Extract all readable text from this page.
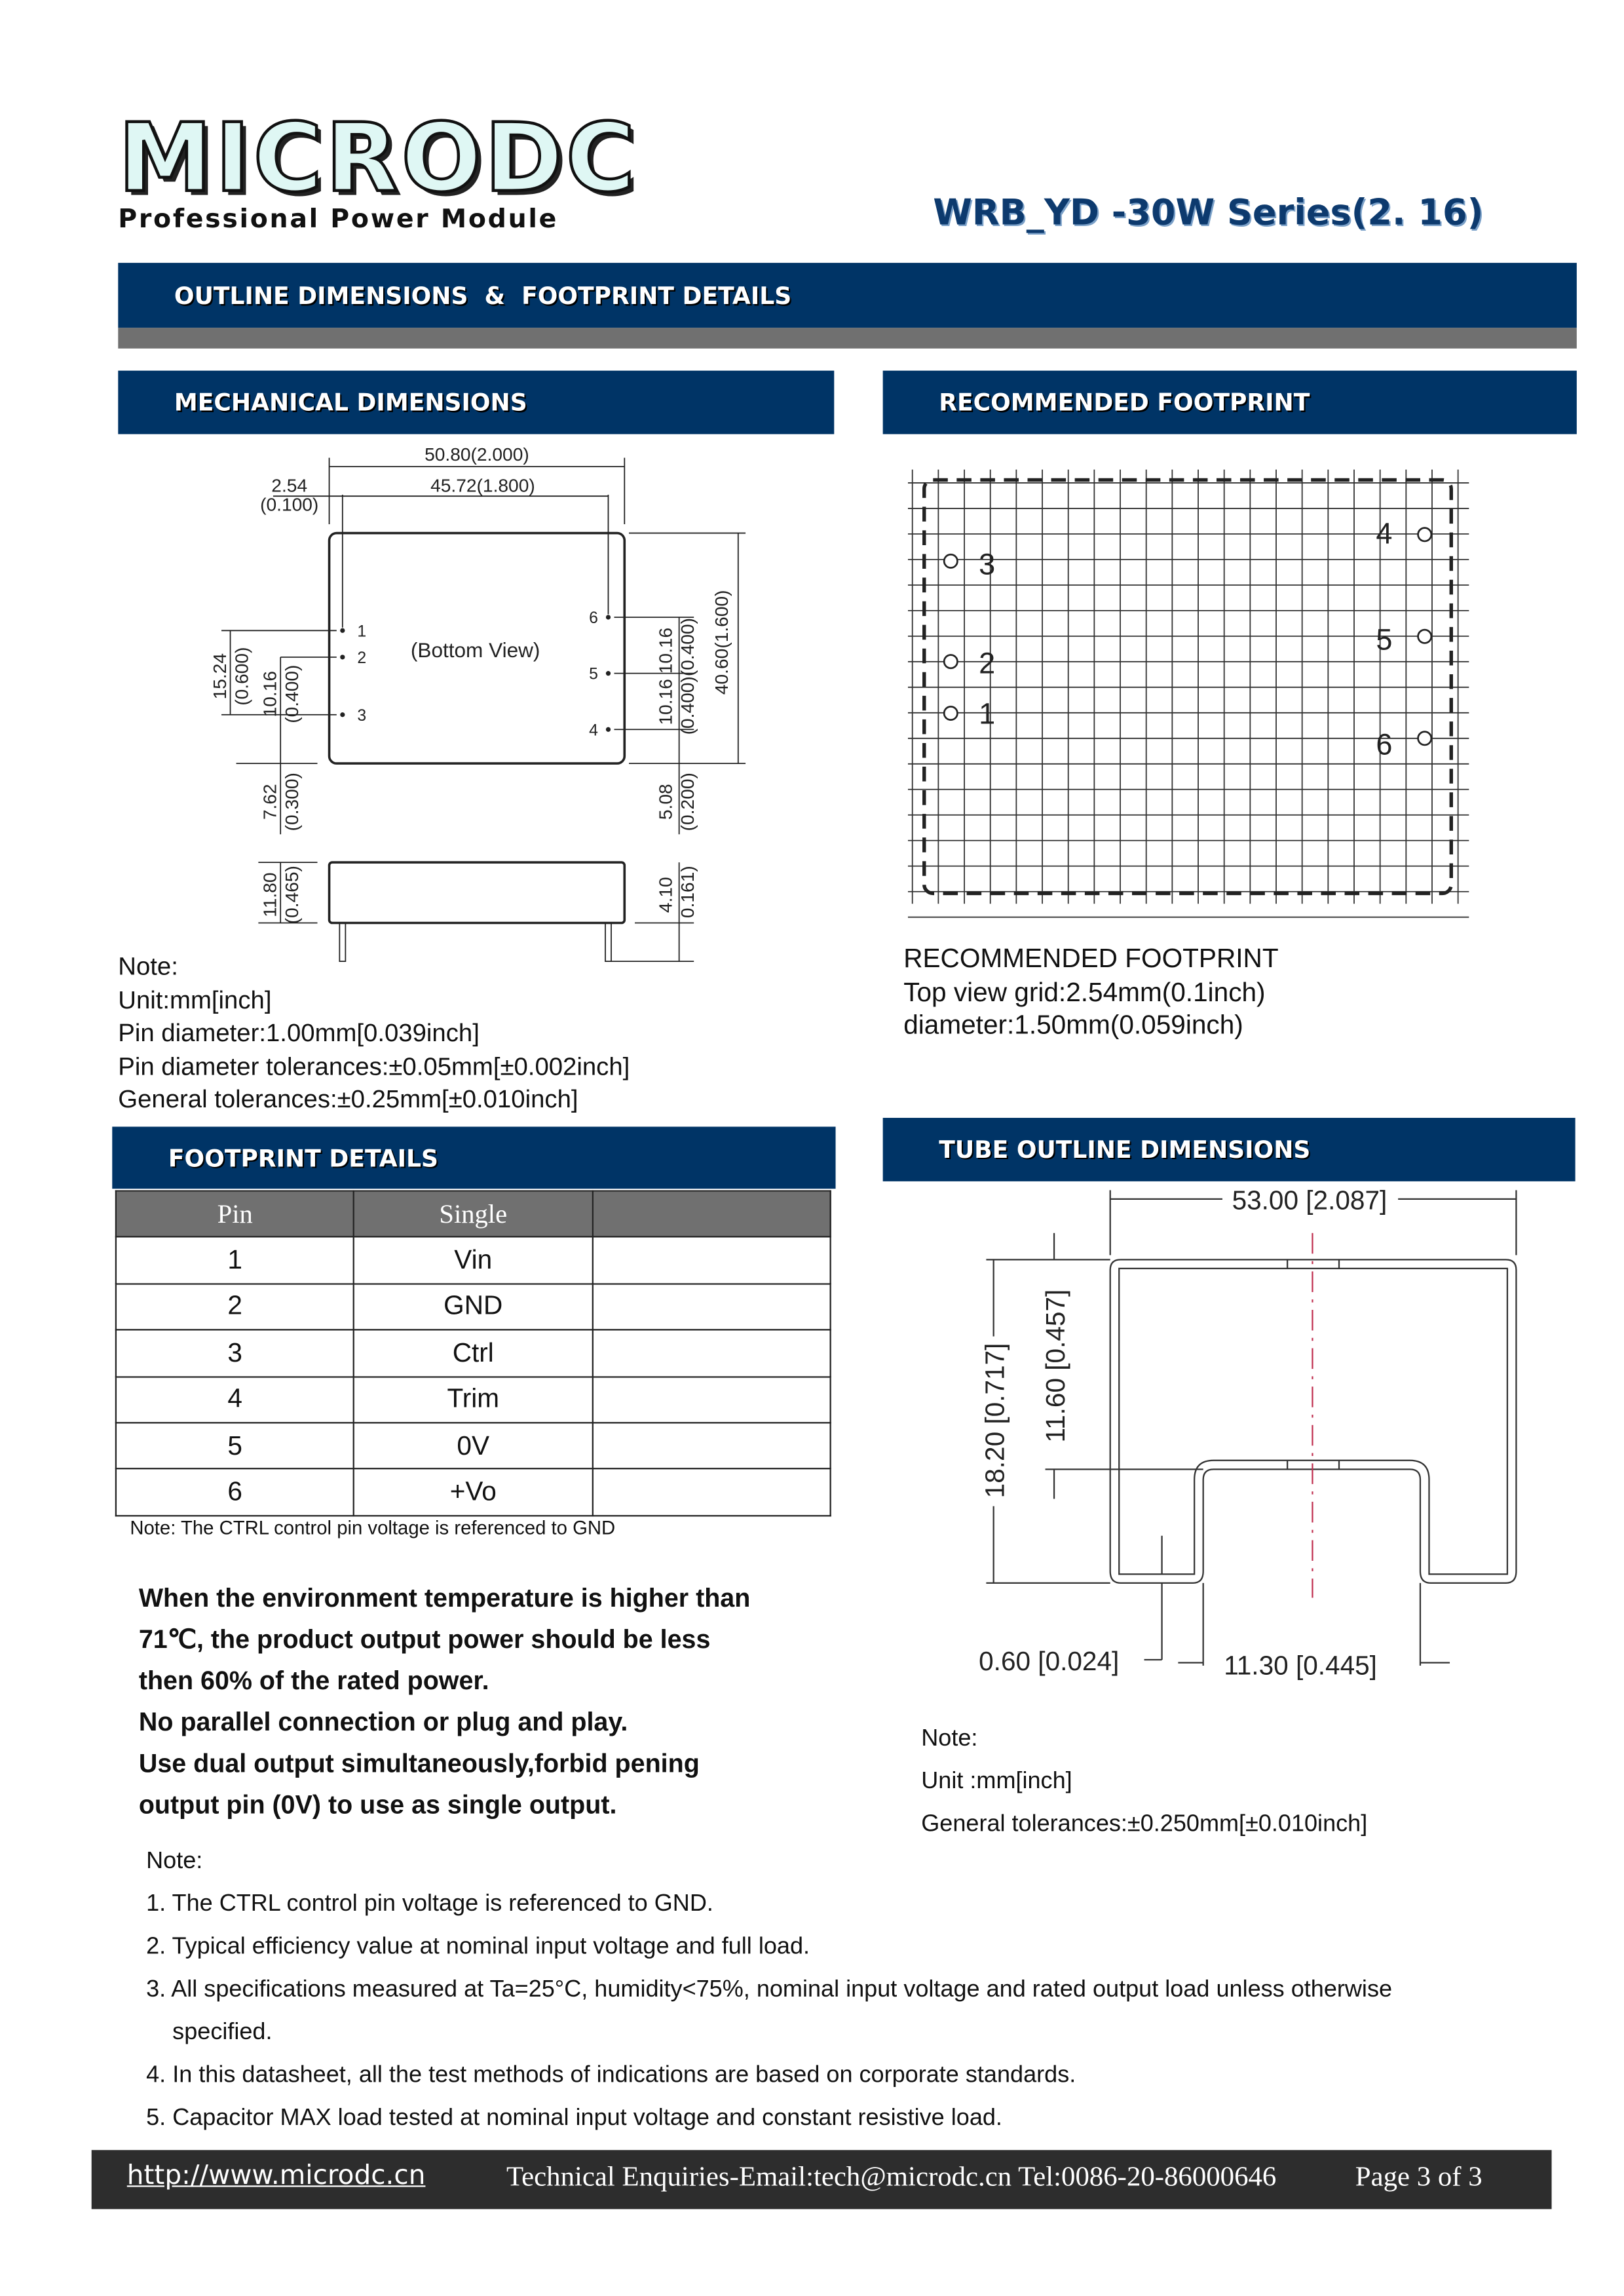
MICRODC
Professional Power Module	WRB_YD -30W Series(2. 16)
OUTLINE DIMENSIONS  &  FOOTPRINT DETAILS
MECHANICAL DIMENSIONS	RECOMMENDED FOOTPRINT
50.80(2.000)
45.72(1.800)
2.54
(0.100)
(Bottom View)
1
2
3
4
5
6
15.24 (0.600) 10.16 (0.400)
7.62 (0.300)
10.16 10.16 (0.400)(0.400) 40.60(1.600)
5.08 (0.200)
11.80 (0.465)	4.10 0.161)
1
2
3
4
5
6
Note:
Unit:mm[inch]
Pin diameter:1.00mm[0.039inch]
Pin diameter tolerances:±0.05mm[±0.002inch]
General tolerances:±0.25mm[±0.010inch]
RECOMMENDED FOOTPRINT
Top view grid:2.54mm(0.1inch)
diameter:1.50mm(0.059inch)
FOOTPRINT DETAILS
Pin	Single	
1	Vin	
2	GND	
3	Ctrl	
4	Trim	
5	0V	
6	+Vo	
Note: The CTRL control pin voltage is referenced to GND
When the environment temperature is higher than
71℃, the product output power should be less
then 60% of the rated power.
No parallel connection or plug and play.
Use dual output simultaneously,forbid pening
output pin (0V) to use as single output.
TUBE OUTLINE DIMENSIONS
53.00 [2.087]
18.20 [0.717]	11.60 [0.457]
0.60 [0.024]	11.30 [0.445]
Note:
Unit :mm[inch]
General tolerances:±0.250mm[±0.010inch]
Note:
1. The CTRL control pin voltage is referenced to GND.
2. Typical efficiency value at nominal input voltage and full load.
3. All specifications measured at Ta=25°C, humidity<75%, nominal input voltage and rated output load unless otherwise
specified.
4. In this datasheet, all the test methods of indications are based on corporate standards.
5. Capacitor MAX load tested at nominal input voltage and constant resistive load.
http://www.microdc.cn	Technical Enquiries-Email:tech@microdc.cn Tel:0086-20-86000646	Page 3 of 3
